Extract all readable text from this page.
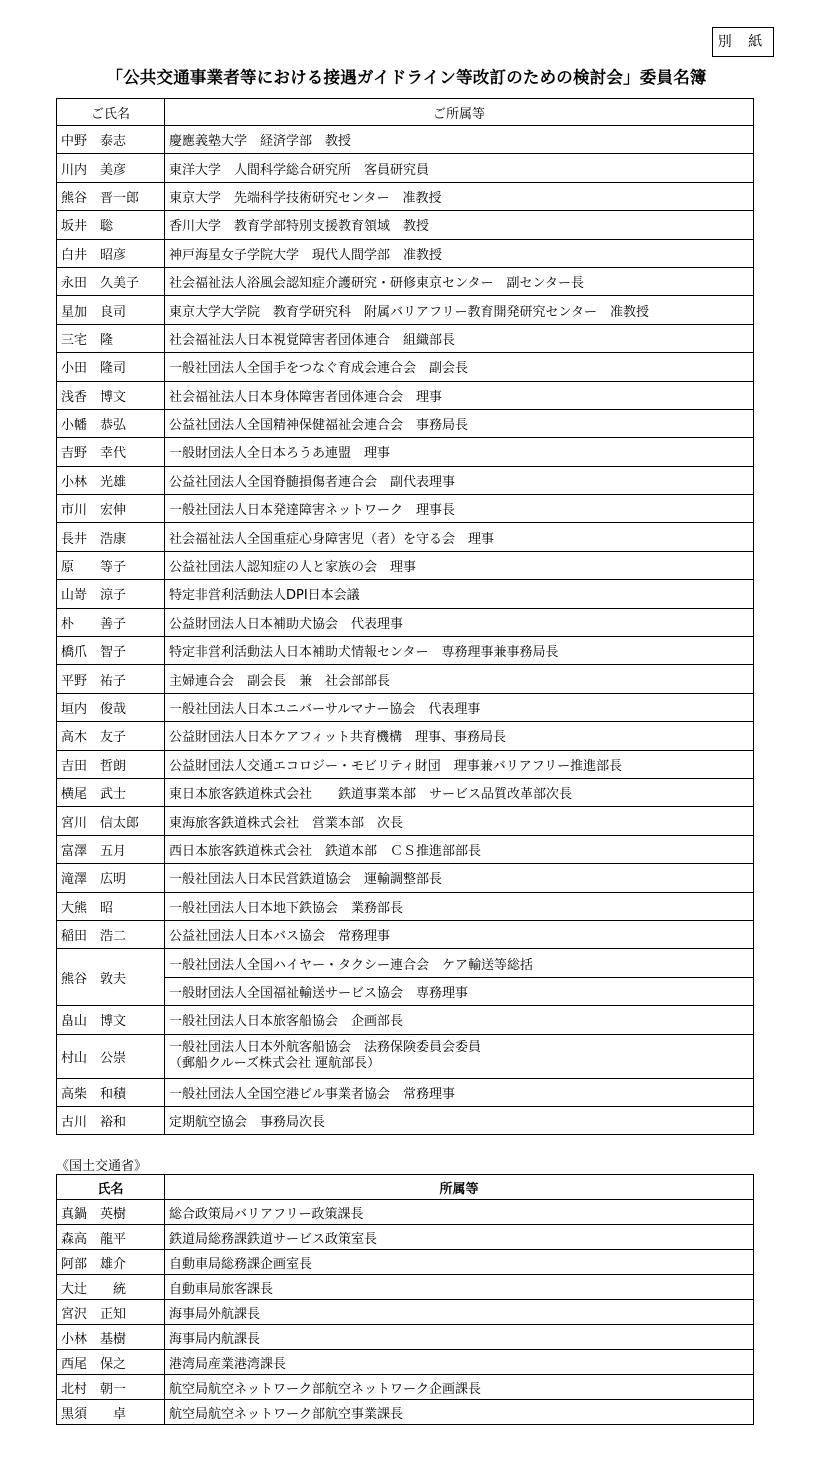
別 紙
「公共交通事業者等における接遇ガイドライン等改訂のための検討会」委員名簿
ご氏名	ご所属等
中野　泰志	慶應義塾大学　経済学部　教授
川内　美彦	東洋大学　人間科学総合研究所　客員研究員
熊谷　晋一郎	東京大学　先端科学技術研究センター　准教授
坂井　聡	香川大学　教育学部特別支援教育領域　教授
白井　昭彦	神戸海星女子学院大学　現代人間学部　准教授
永田　久美子	社会福祉法人浴風会認知症介護研究・研修東京センター　副センター長
星加　良司	東京大学大学院　教育学研究科　附属バリアフリー教育開発研究センター　准教授
三宅　隆	社会福祉法人日本視覚障害者団体連合　組織部長
小田　隆司	一般社団法人全国手をつなぐ育成会連合会　副会長
浅香　博文	社会福祉法人日本身体障害者団体連合会　理事
小幡　恭弘	公益社団法人全国精神保健福祉会連合会　事務局長
吉野　幸代	一般財団法人全日本ろうあ連盟　理事
小林　光雄	公益社団法人全国脊髄損傷者連合会　副代表理事
市川　宏伸	一般社団法人日本発達障害ネットワーク　理事長
長井　浩康	社会福祉法人全国重症心身障害児（者）を守る会　理事
原　　等子	公益社団法人認知症の人と家族の会　理事
山嵜　涼子	特定非営利活動法人DPI日本会議
朴　　善子	公益財団法人日本補助犬協会　代表理事
橋爪　智子	特定非営利活動法人日本補助犬情報センター　専務理事兼事務局長
平野　祐子	主婦連合会　副会長　兼　社会部部長
垣内　俊哉	一般社団法人日本ユニバーサルマナー協会　代表理事
高木　友子	公益財団法人日本ケアフィット共育機構　理事、事務局長
吉田　哲朗	公益財団法人交通エコロジー・モビリティ財団　理事兼バリアフリー推進部長
横尾　武士	東日本旅客鉄道株式会社　　鉄道事業本部　サービス品質改革部次長
宮川　信太郎	東海旅客鉄道株式会社　営業本部　次長
富澤　五月	西日本旅客鉄道株式会社　鉄道本部　ＣＳ推進部部長
滝澤　広明	一般社団法人日本民営鉄道協会　運輸調整部長
大熊　昭	一般社団法人日本地下鉄協会　業務部長
稲田　浩二	公益社団法人日本バス協会　常務理事
熊谷　敦夫	一般社団法人全国ハイヤー・タクシー連合会　ケア輸送等総括
	一般財団法人全国福祉輸送サービス協会　専務理事
畠山　博文	一般社団法人日本旅客船協会　企画部長
村山　公崇	一般社団法人日本外航客船協会　法務保険委員会委員
（郵船クルーズ株式会社 運航部長）

高柴　和積	一般社団法人全国空港ビル事業者協会　常務理事
古川　裕和	定期航空協会　事務局次長
《国土交通省》
氏名	所属等
真鍋　英樹	総合政策局バリアフリー政策課長
森高　龍平	鉄道局総務課鉄道サービス政策室長
阿部　雄介	自動車局総務課企画室長
大辻　　統	自動車局旅客課長
宮沢　正知	海事局外航課長
小林　基樹	海事局内航課長
西尾　保之	港湾局産業港湾課長
北村　朝一	航空局航空ネットワーク部航空ネットワーク企画課長
黒須　　卓	航空局航空ネットワーク部航空事業課長
